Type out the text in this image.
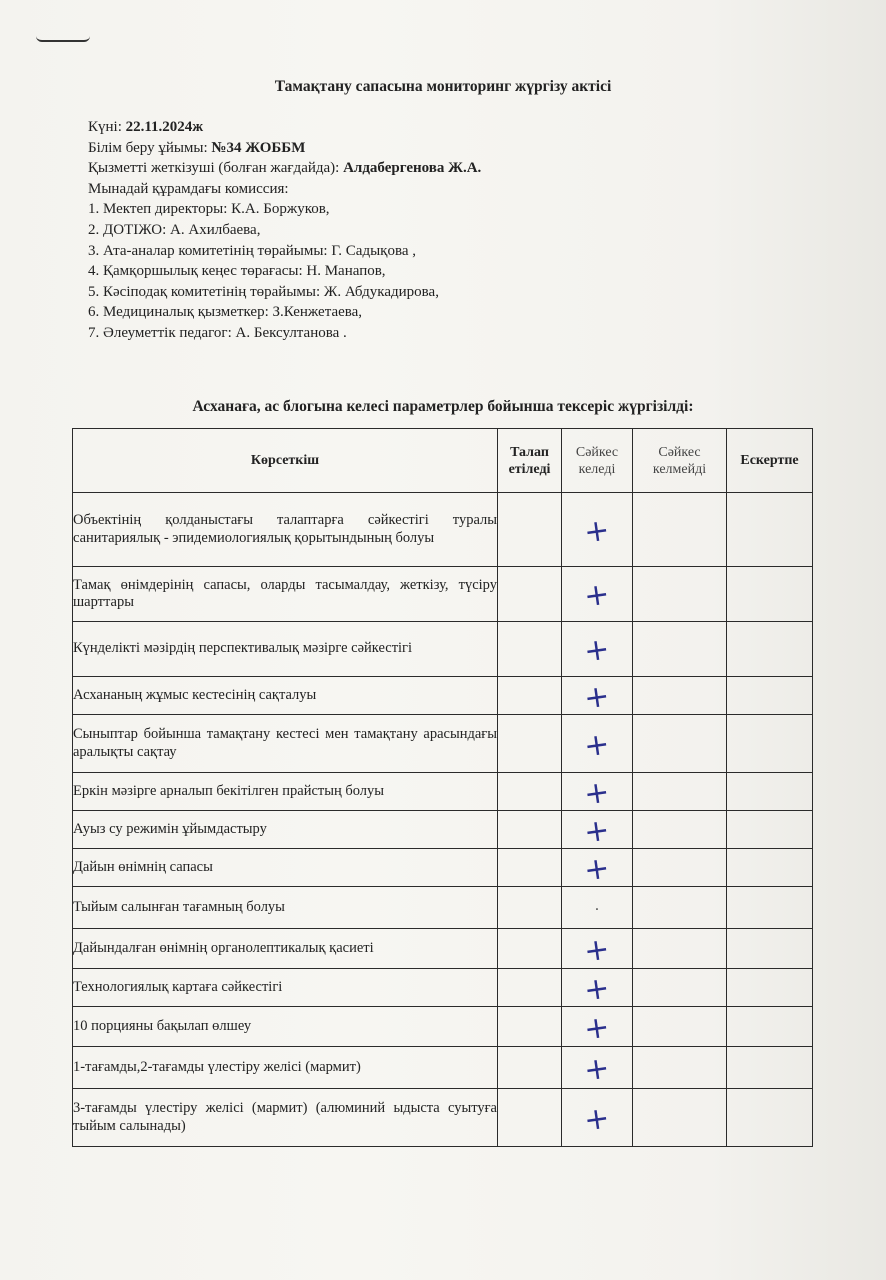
Тамақтану сапасына мониторинг жүргізу актісі
Күні: 22.11.2024ж
Білім беру ұйымы: №34 ЖОББМ
Қызметті жеткізуші (болған жағдайда): Алдабергенова Ж.А.
Мынадай құрамдағы комиссия:
1. Мектеп директоры: К.А. Боржуков,
2. ДОТІЖО: А. Ахилбаева,
3. Ата-аналар комитетінің төрайымы: Г. Садықова ,
4. Қамқоршылық кеңес төрағасы: Н. Манапов,
5. Кәсіподақ комитетінің төрайымы: Ж. Абдукадирова,
6. Медициналық қызметкер: З.Кенжетаева,
7. Әлеуметтік педагог: А. Бексултанова .
Асханаға, ас блогына келесі параметрлер бойынша тексеріс жүргізілді:
Көрсеткіш	Талап етіледі	Сәйкес келеді	Сәйкес келмейді	Ескертпе
Объектінің қолданыстағы талаптарға сәйкестігі туралы санитариялық - эпидемиологиялық қорытындының болуы		+		
Тамақ өнімдерінің сапасы, оларды тасымалдау, жеткізу, түсіру шарттары		+		
Күнделікті мәзірдің перспективалық мәзірге сәйкестігі		+		
Асхананың жұмыс кестесінің сақталуы		+		
Сыныптар бойынша тамақтану кестесі мен тамақтану арасындағы аралықты сақтау		+		
Еркін мәзірге арналып бекітілген прайстың болуы		+		
Ауыз су режимін ұйымдастыру		+		
Дайын өнімнің сапасы		+		
Тыйым салынған тағамның болуы		·		
Дайындалған өнімнің органолептикалық қасиеті		+		
Технологиялық картаға сәйкестігі		+		
10 порцияны бақылап өлшеу		+		
1-тағамды,2-тағамды үлестіру желісі (мармит)		+		
3-тағамды үлестіру желісі (мармит) (алюминий ыдыста суытуға тыйым салынады)		+		
